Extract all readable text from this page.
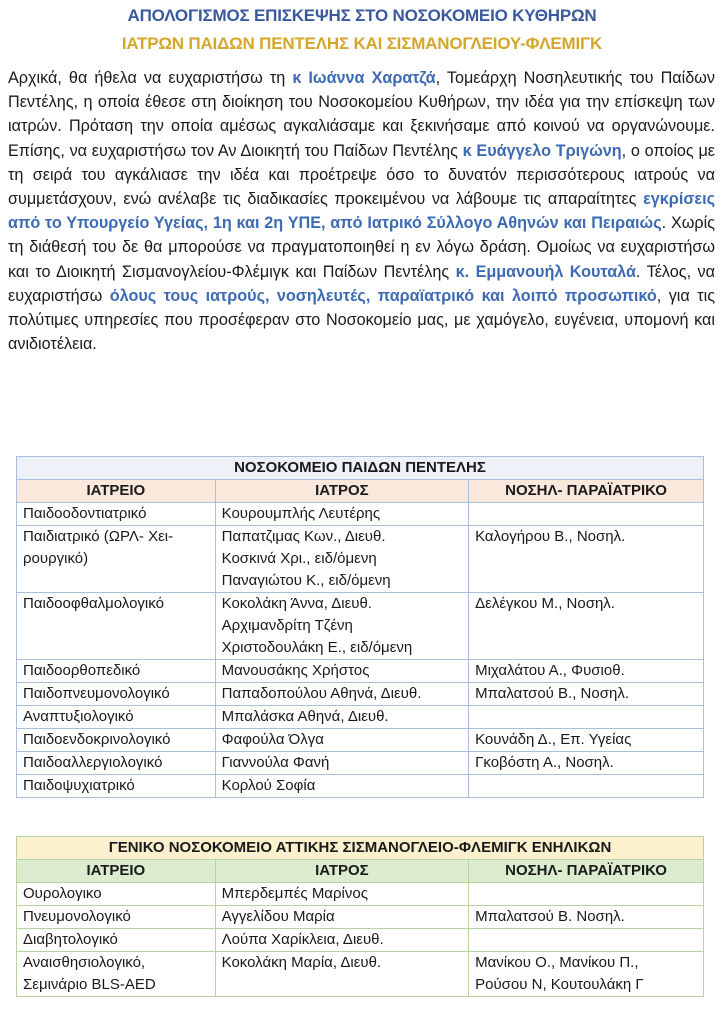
ΑΠΟΛΟΓΙΣΜΟΣ ΕΠΙΣΚΕΨΗΣ ΣΤΟ ΝΟΣΟΚΟΜΕΙΟ ΚΥΘΗΡΩΝ
ΙΑΤΡΩΝ ΠΑΙΔΩΝ ΠΕΝΤΕΛΗΣ ΚΑΙ ΣΙΣΜΑΝΟΓΛΕΙΟΥ-ΦΛΕΜΙΓΚ
Αρχικά, θα ήθελα να ευχαριστήσω τη κ Ιωάννα Χαρατζά, Τομεάρχη Νοσηλευτικής του Παίδων Πεντέλης, η οποία έθεσε στη διοίκηση του Νοσοκομείου Κυθήρων, την ιδέα για την επίσκεψη των ιατρών. Πρόταση την οποία αμέσως αγκαλιάσαμε και ξεκινήσαμε από κοινού να οργανώνουμε. Επίσης, να ευχαριστήσω τον Αν Διοικητή του Παίδων Πεντέλης κ Ευάγγελο Τριγώνη, ο οποίος με τη σειρά του αγκάλιασε την ιδέα και προέτρεψε όσο το δυνατόν περισσότερους ιατρούς να συμμετάσχουν, ενώ ανέλαβε τις διαδικασίες προκειμένου να λάβουμε τις απαραίτητες εγκρίσεις από το Υπουργείο Υγείας, 1η και 2η ΥΠΕ, από Ιατρικό Σύλλογο Αθηνών και Πειραιώς. Χωρίς τη διάθεσή του δε θα μπορούσε να πραγματοποιηθεί η εν λόγω δράση. Ομοίως να ευχαριστήσω και το Διοικητή Σισμανογλείου-Φλέμιγκ και Παίδων Πεντέλης κ. Εμμανουήλ Κουταλά. Τέλος, να ευχαριστήσω όλους τους ιατρούς, νοσηλευτές, παραϊατρικό και λοιπό προσωπικό, για τις πολύτιμες υπηρεσίες που προσέφεραν στο Νοσοκομείο μας, με χαμόγελο, ευγένεια, υπομονή και ανιδιοτέλεια.
ΝΟΣΟΚΟΜΕΙΟ ΠΑΙΔΩΝ ΠΕΝΤΕΛΗΣ		
ΙΑΤΡΕΙΟ	ΙΑΤΡΟΣ	ΝΟΣΗΛ- ΠΑΡΑΪΑΤΡΙΚΟ

Παιδοοδοντιατρικό	Κουρουμπλής Λευτέρης	

Παιδιατρικό (ΩΡΛ- Χει-
ρουργικό)	Παπατζιμας Κων., Διευθ.
Κοσκινά Χρι., ειδ/όμενη
Παναγιώτου Κ., ειδ/όμενη	Καλογήρου Β., Νοσηλ.

Παιδοοφθαλμολογικό	Κοκολάκη Άννα, Διευθ.
Αρχιμανδρίτη Τζένη
Χριστοδουλάκη Ε., ειδ/όμενη	Δελέγκου Μ., Νοσηλ.

Παιδοορθοπεδικό	Μανουσάκης Χρήστος	Μιχαλάτου Α., Φυσιοθ.

Παιδοπνευμονολογικό	Παπαδοπούλου Αθηνά, Διευθ.	Μπαλατσού Β., Νοσηλ.

Αναπτυξιολογικό	Μπαλάσκα Αθηνά, Διευθ.	

Παιδοενδοκρινολογικό	Φαφούλα Όλγα	Κουνάδη Δ., Επ. Υγείας

Παιδοαλλεργιολογικό	Γιαννούλα Φανή	Γκοβόστη Α., Νοσηλ.

Παιδοψυχιατρικό	Κορλού Σοφία	

ΓΕΝΙΚΟ ΝΟΣΟΚΟΜΕΙΟ ΑΤΤΙΚΗΣ ΣΙΣΜΑΝΟΓΛΕΙΟ-ΦΛΕΜΙΓΚ ΕΝΗΛΙΚΩΝ		
ΙΑΤΡΕΙΟ	ΙΑΤΡΟΣ	ΝΟΣΗΛ- ΠΑΡΑΪΑΤΡΙΚΟ

Ουρολογικο	Μπερδεμπές Μαρίνος	

Πνευμονολογικό	Αγγελίδου Μαρία	Μπαλατσού Β. Νοσηλ.

Διαβητολογικό	Λούπα Χαρίκλεια, Διευθ.	

Αναισθησιολογικό,
Σεμινάριο BLS-AED	Κοκολάκη Μαρία, Διευθ.	Μανίκου Ο., Μανίκου Π.,
Ρούσου Ν, Κουτουλάκη Γ
